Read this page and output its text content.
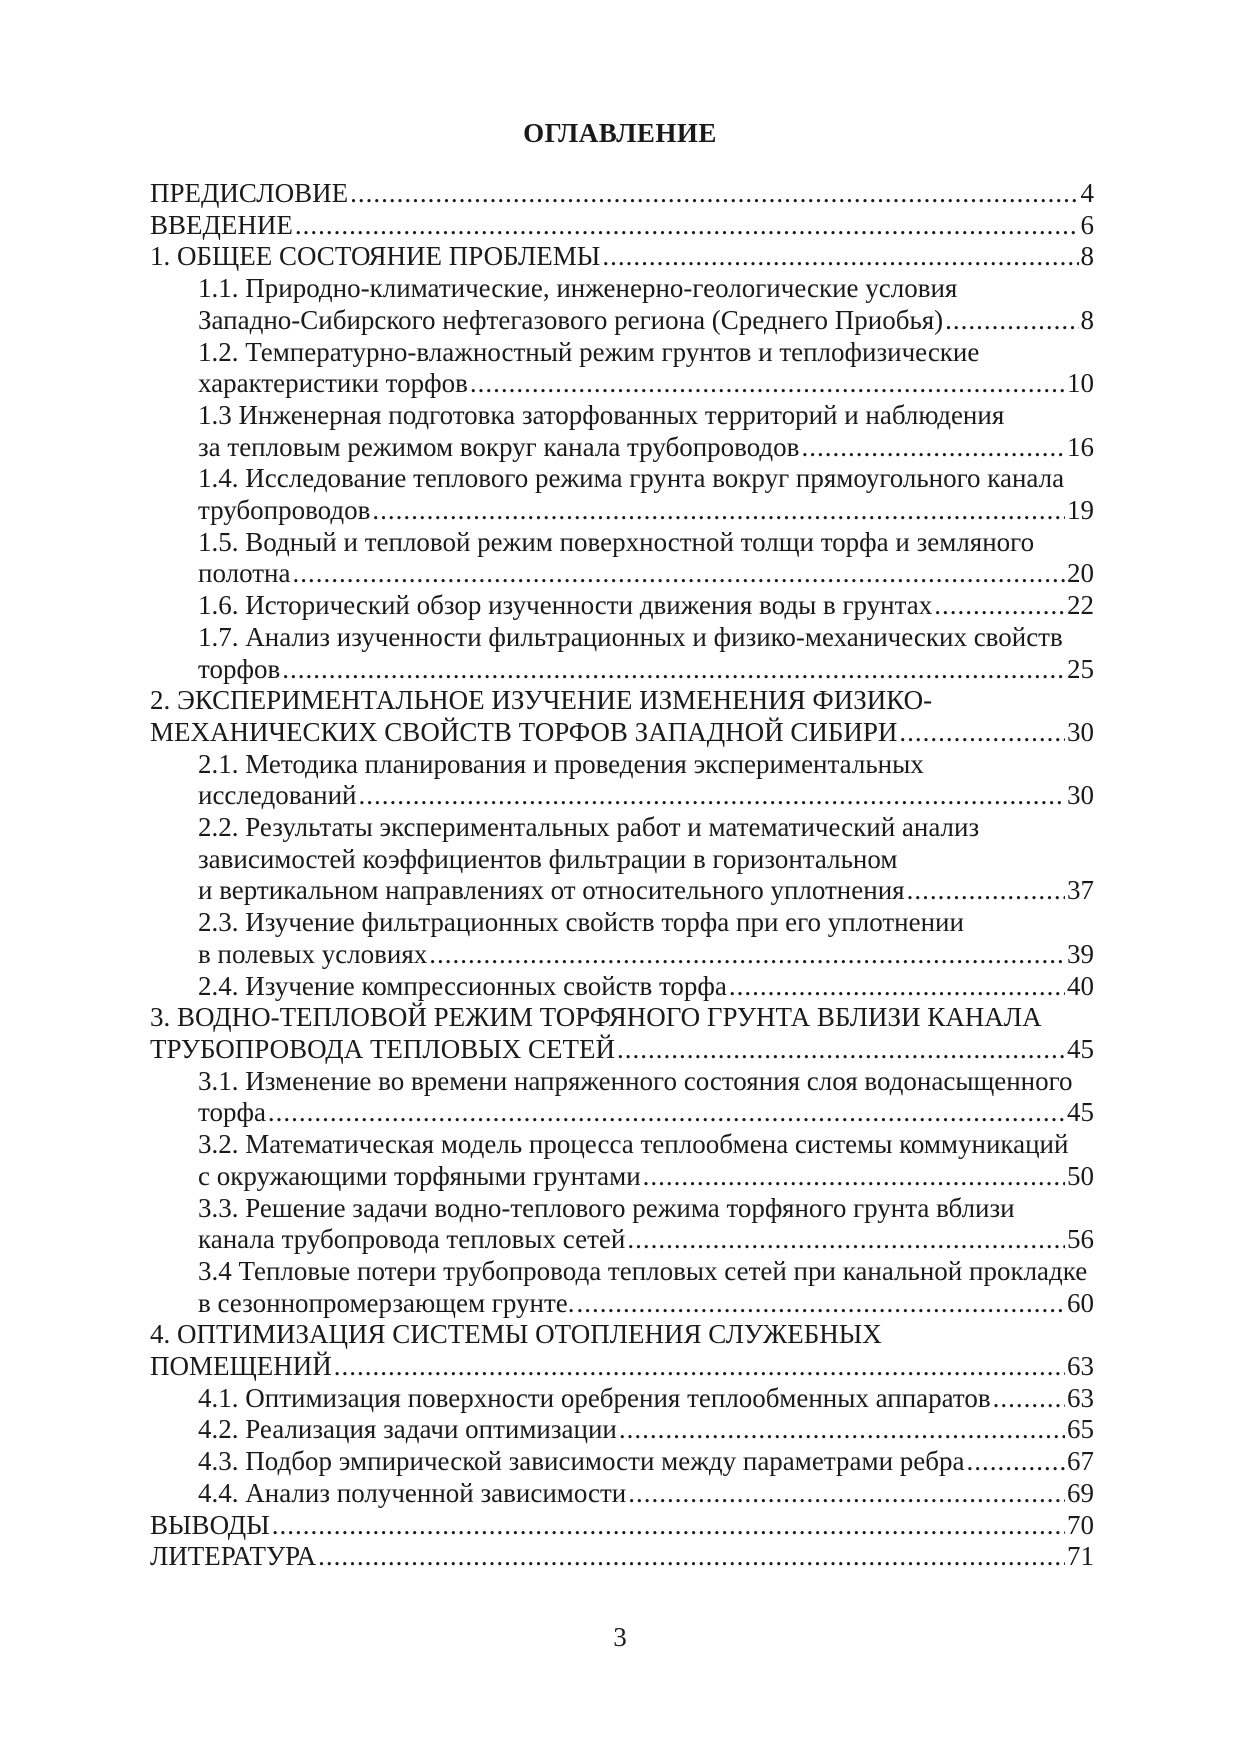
ОГЛАВЛЕНИЕ
ПРЕДИСЛОВИЕ .....	4
ВВЕДЕНИЕ .....	6
1. ОБЩЕЕ СОСТОЯНИЕ ПРОБЛЕМЫ .....	8
1.1. Природно-климатические, инженерно-геологические условия
Западно-Сибирского нефтегазового региона (Среднего Приобья) .....	8
1.2. Температурно-влажностный режим грунтов и теплофизические
характеристики торфов .....	10
1.3 Инженерная подготовка заторфованных территорий и наблюдения
за тепловым режимом вокруг канала трубопроводов .....	16
1.4. Исследование теплового режима грунта вокруг прямоугольного канала
трубопроводов .....	19
1.5. Водный и тепловой режим поверхностной толщи торфа и земляного
полотна .....	20
1.6. Исторический обзор изученности движения воды в грунтах .....	22
1.7. Анализ изученности фильтрационных и физико-механических свойств
торфов .....	25
2. ЭКСПЕРИМЕНТАЛЬНОЕ ИЗУЧЕНИЕ ИЗМЕНЕНИЯ ФИЗИКО-
МЕХАНИЧЕСКИХ СВОЙСТВ ТОРФОВ ЗАПАДНОЙ СИБИРИ .....	30
2.1. Методика планирования и проведения экспериментальных
исследований .....	30
2.2. Результаты экспериментальных работ и математический анализ
зависимостей коэффициентов фильтрации в горизонтальном
и вертикальном направлениях от относительного уплотнения .....	37
2.3. Изучение фильтрационных свойств торфа при его уплотнении
в полевых условиях .....	39
2.4. Изучение компрессионных свойств торфа .....	40
3. ВОДНО-ТЕПЛОВОЙ РЕЖИМ ТОРФЯНОГО ГРУНТА ВБЛИЗИ КАНАЛА
ТРУБОПРОВОДА ТЕПЛОВЫХ СЕТЕЙ .....	45
3.1. Изменение во времени напряженного состояния слоя водонасыщенного
торфа .....	45
3.2. Математическая модель процесса теплообмена системы коммуникаций
с окружающими торфяными грунтами .....	50
3.3. Решение задачи водно-теплового режима торфяного грунта вблизи
канала трубопровода тепловых сетей .....	56
3.4 Тепловые потери трубопровода тепловых сетей при канальной прокладке
в сезоннопромерзающем грунте. .....	60
4. ОПТИМИЗАЦИЯ СИСТЕМЫ ОТОПЛЕНИЯ СЛУЖЕБНЫХ
ПОМЕЩЕНИЙ .....	63
4.1. Оптимизация поверхности оребрения теплообменных аппаратов .....	63
4.2. Реализация задачи оптимизации .....	65
4.3. Подбор эмпирической зависимости между параметрами ребра .....	67
4.4. Анализ полученной зависимости .....	69
ВЫВОДЫ .....	70
ЛИТЕРАТУРА .....	71

3
